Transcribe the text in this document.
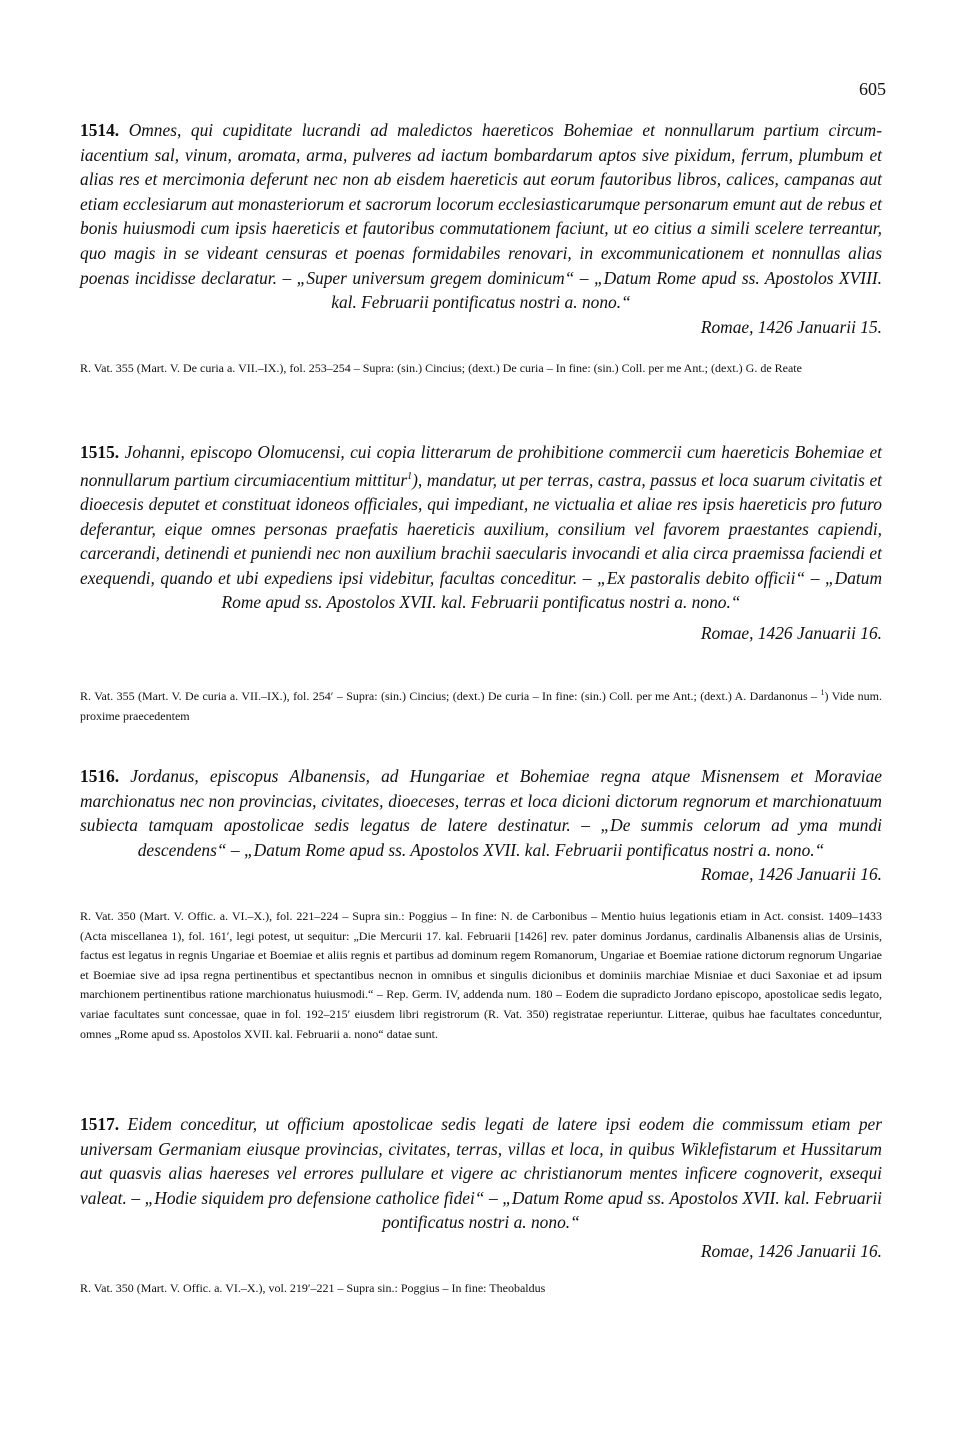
605

1514. Omnes, qui cupiditate lucrandi ad maledictos haereticos Bohemiae et nonnullarum partium circumiacentium sal, vinum, aromata, arma, pulveres ad iactum bombardarum aptos sive pixidum, ferrum, plumbum et alias res et mercimonia deferunt nec non ab eisdem haereticis aut eorum fautoribus libros, calices, campanas aut etiam ecclesiarum aut monasteriorum et sacrorum locorum ecclesiasticarumque personarum emunt aut de rebus et bonis huiusmodi cum ipsis haereticis et fautoribus commutationem faciunt, ut eo citius a simili scelere terreantur, quo magis in se videant censuras et poenas formidabiles renovari, in excommunicationem et nonnullas alias poenas incidisse declaratur. – „Super universum gregem dominicum“ – „Datum Rome apud ss. Apostolos XVIII. kal. Februarii pontificatus nostri a. nono.“

Romae, 1426 Januarii 15.

R. Vat. 355 (Mart. V. De curia a. VII.–IX.), fol. 253–254 – Supra: (sin.) Cincius; (dext.) De curia – In fine: (sin.) Coll. per me Ant.; (dext.) G. de Reate

1515. Johanni, episcopo Olomucensi, cui copia litterarum de prohibitione commercii cum haereticis Bohemiae et nonnullarum partium circumiacentium mittitur$^1$), mandatur, ut per terras, castra, passus et loca suarum civitatis et dioecesis deputet et constituat idoneos officiales, qui impediant, ne victualia et aliae res ipsis haereticis pro futuro deferantur, eique omnes personas praefatis haereticis auxilium, consilium vel favorem praestantes capiendi, carcerandi, detinendi et puniendi nec non auxilium brachii saecularis invocandi et alia circa praemissa faciendi et exequendi, quando et ubi expediens ipsi videbitur, facultas conceditur. – „Ex pastoralis debito officii“ – „Datum Rome apud ss. Apostolos XVII. kal. Februarii pontificatus nostri a. nono.“

Romae, 1426 Januarii 16.

R. Vat. 355 (Mart. V. De curia a. VII.–IX.), fol. 254′ – Supra: (sin.) Cincius; (dext.) De curia – In fine: (sin.) Coll. per me Ant.; (dext.) A. Dardanonus – $^1$) Vide num. proxime praecedentem

1516. Jordanus, episcopus Albanensis, ad Hungariae et Bohemiae regna atque Misnensem et Moraviae marchionatus nec non provincias, civitates, dioeceses, terras et loca dicioni dictorum regnorum et marchionatuum subiecta tamquam apostolicae sedis legatus de latere destinatur. – „De summis celorum ad yma mundi descendens“ – „Datum Rome apud ss. Apostolos XVII. kal. Februarii pontificatus nostri a. nono.“

Romae, 1426 Januarii 16.

R. Vat. 350 (Mart. V. Offic. a. VI.–X.), fol. 221–224 – Supra sin.: Poggius – In fine: N. de Carbonibus – Mentio huius legationis etiam in Act. consist. 1409–1433 (Acta miscellanea 1), fol. 161′, legi potest, ut sequitur: „Die Mercurii 17. kal. Februarii [1426] rev. pater dominus Jordanus, cardinalis Albanensis alias de Ursinis, factus est legatus in regnis Ungariae et Boemiae et aliis regnis et partibus ad dominum regem Romanorum, Ungariae et Boemiae ratione dictorum regnorum Ungariae et Boemiae sive ad ipsa regna pertinentibus et spectantibus necnon in omnibus et singulis dicionibus et dominiis marchiae Misniae et duci Saxoniae et ad ipsum marchionem pertinentibus ratione marchionatus huiusmodi.“ – Rep. Germ. IV, addenda num. 180 – Eodem die supradicto Jordano episcopo, apostolicae sedis legato, variae facultates sunt concessae, quae in fol. 192–215′ eiusdem libri registrorum (R. Vat. 350) registratae reperiuntur. Litterae, quibus hae facultates conceduntur, omnes „Rome apud ss. Apostolos XVII. kal. Februarii a. nono“ datae sunt.

1517. Eidem conceditur, ut officium apostolicae sedis legati de latere ipsi eodem die commissum etiam per universam Germaniam eiusque provincias, civitates, terras, villas et loca, in quibus Wiklefistarum et Hussitarum aut quasvis alias haereses vel errores pullulare et vigere ac christianorum mentes inficere cognoverit, exsequi valeat. – „Hodie siquidem pro defensione catholice fidei“ – „Datum Rome apud ss. Apostolos XVII. kal. Februarii pontificatus nostri a. nono.“

Romae, 1426 Januarii 16.

R. Vat. 350 (Mart. V. Offic. a. VI.–X.), vol. 219′–221 – Supra sin.: Poggius – In fine: Theobaldus
